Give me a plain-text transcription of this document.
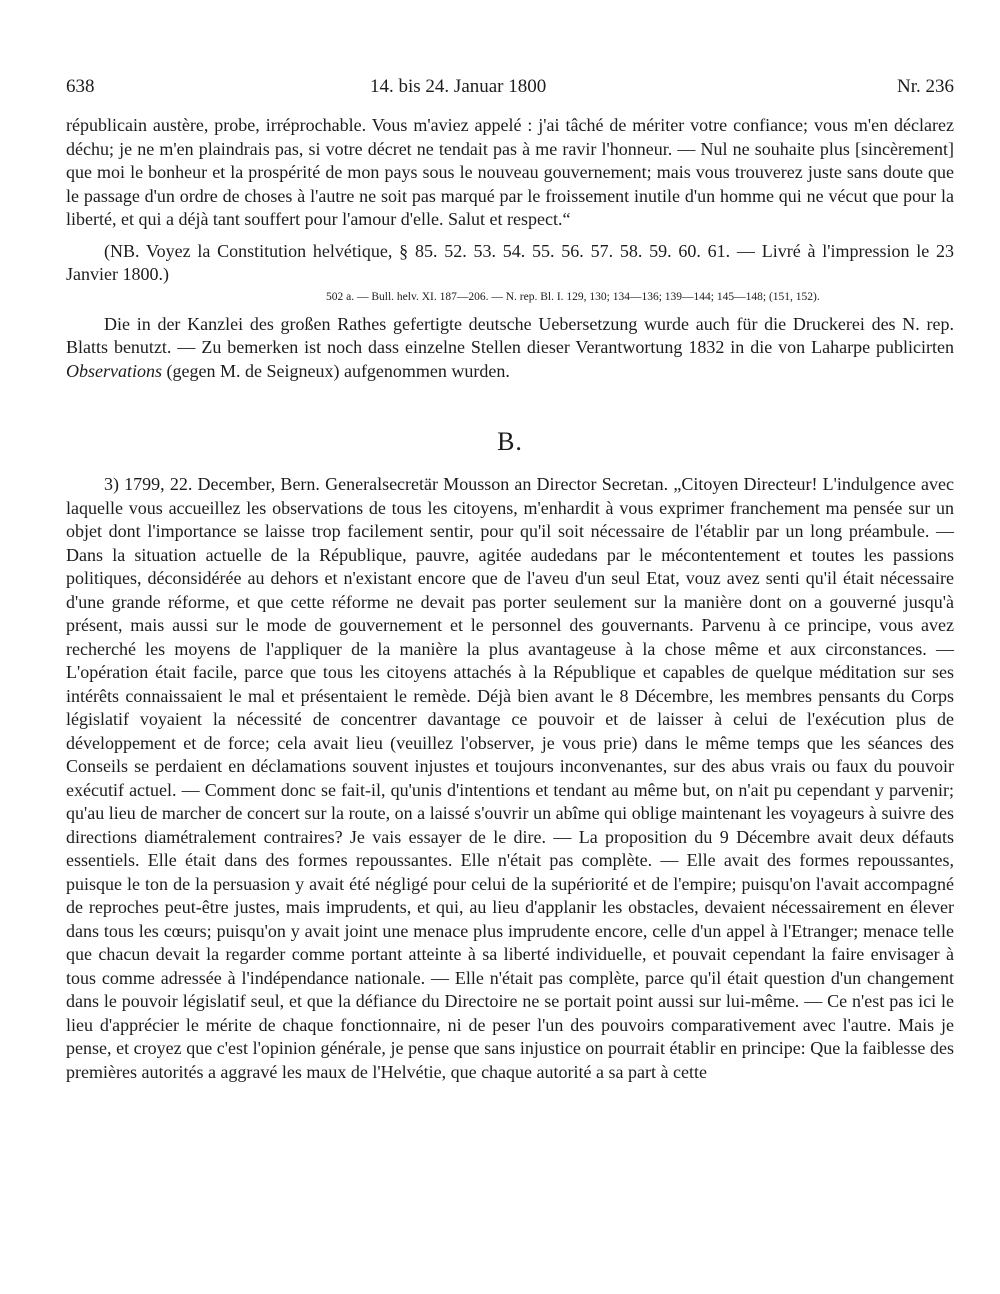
638	14. bis 24. Januar 1800	Nr. 236

républicain austère, probe, irréprochable. Vous m'aviez appelé : j'ai tâché de mériter votre confiance; vous m'en déclarez déchu; je ne m'en plaindrais pas, si votre décret ne tendait pas à me ravir l'honneur. — Nul ne souhaite plus [sincèrement] que moi le bonheur et la prospérité de mon pays sous le nouveau gouvernement; mais vous trouverez juste sans doute que le passage d'un ordre de choses à l'autre ne soit pas marqué par le froissement inutile d'un homme qui ne vécut que pour la liberté, et qui a déjà tant souffert pour l'amour d'elle. Salut et respect.“

(NB. Voyez la Constitution helvétique, § 85. 52. 53. 54. 55. 56. 57. 58. 59. 60. 61. — Livré à l'impression le 23 Janvier 1800.)

502 a. — Bull. helv. XI. 187—206. — N. rep. Bl. I. 129, 130; 134—136; 139—144; 145—148; (151, 152).

Die in der Kanzlei des großen Rathes gefertigte deutsche Uebersetzung wurde auch für die Druckerei des N. rep. Blatts benutzt. — Zu bemerken ist noch dass einzelne Stellen dieser Verantwortung 1832 in die von Laharpe publicirten Observations (gegen M. de Seigneux) aufgenommen wurden.

B.

3) 1799, 22. December, Bern. Generalsecretär Mousson an Director Secretan. „Citoyen Directeur! L'indulgence avec laquelle vous accueillez les observations de tous les citoyens, m'enhardit à vous exprimer franchement ma pensée sur un objet dont l'importance se laisse trop facilement sentir, pour qu'il soit nécessaire de l'établir par un long préambule. — Dans la situation actuelle de la République, pauvre, agitée audedans par le mécontentement et toutes les passions politiques, déconsidérée au dehors et n'existant encore que de l'aveu d'un seul Etat, vouz avez senti qu'il était nécessaire d'une grande réforme, et que cette réforme ne devait pas porter seulement sur la manière dont on a gouverné jusqu'à présent, mais aussi sur le mode de gouvernement et le personnel des gouvernants. Parvenu à ce principe, vous avez recherché les moyens de l'appliquer de la manière la plus avantageuse à la chose même et aux circonstances. — L'opération était facile, parce que tous les citoyens attachés à la République et capables de quelque méditation sur ses intérêts connaissaient le mal et présentaient le remède. Déjà bien avant le 8 Décembre, les membres pensants du Corps législatif voyaient la nécessité de concentrer davantage ce pouvoir et de laisser à celui de l'exécution plus de développement et de force; cela avait lieu (veuillez l'observer, je vous prie) dans le même temps que les séances des Conseils se perdaient en déclamations souvent injustes et toujours inconvenantes, sur des abus vrais ou faux du pouvoir exécutif actuel. — Comment donc se fait-il, qu'unis d'intentions et tendant au même but, on n'ait pu cependant y parvenir; qu'au lieu de marcher de concert sur la route, on a laissé s'ouvrir un abîme qui oblige maintenant les voyageurs à suivre des directions diamétralement contraires? Je vais essayer de le dire. — La proposition du 9 Décembre avait deux défauts essentiels. Elle était dans des formes repoussantes. Elle n'était pas complète. — Elle avait des formes repoussantes, puisque le ton de la persuasion y avait été négligé pour celui de la supériorité et de l'empire; puisqu'on l'avait accompagné de reproches peut-être justes, mais imprudents, et qui, au lieu d'applanir les obstacles, devaient nécessairement en élever dans tous les cœurs; puisqu'on y avait joint une menace plus imprudente encore, celle d'un appel à l'Etranger; menace telle que chacun devait la regarder comme portant atteinte à sa liberté individuelle, et pouvait cependant la faire envisager à tous comme adressée à l'indépendance nationale. — Elle n'était pas complète, parce qu'il était question d'un changement dans le pouvoir législatif seul, et que la défiance du Directoire ne se portait point aussi sur lui-même. — Ce n'est pas ici le lieu d'apprécier le mérite de chaque fonctionnaire, ni de peser l'un des pouvoirs comparativement avec l'autre. Mais je pense, et croyez que c'est l'opinion générale, je pense que sans injustice on pourrait établir en principe: Que la faiblesse des premières autorités a aggravé les maux de l'Helvétie, que chaque autorité a sa part à cette
